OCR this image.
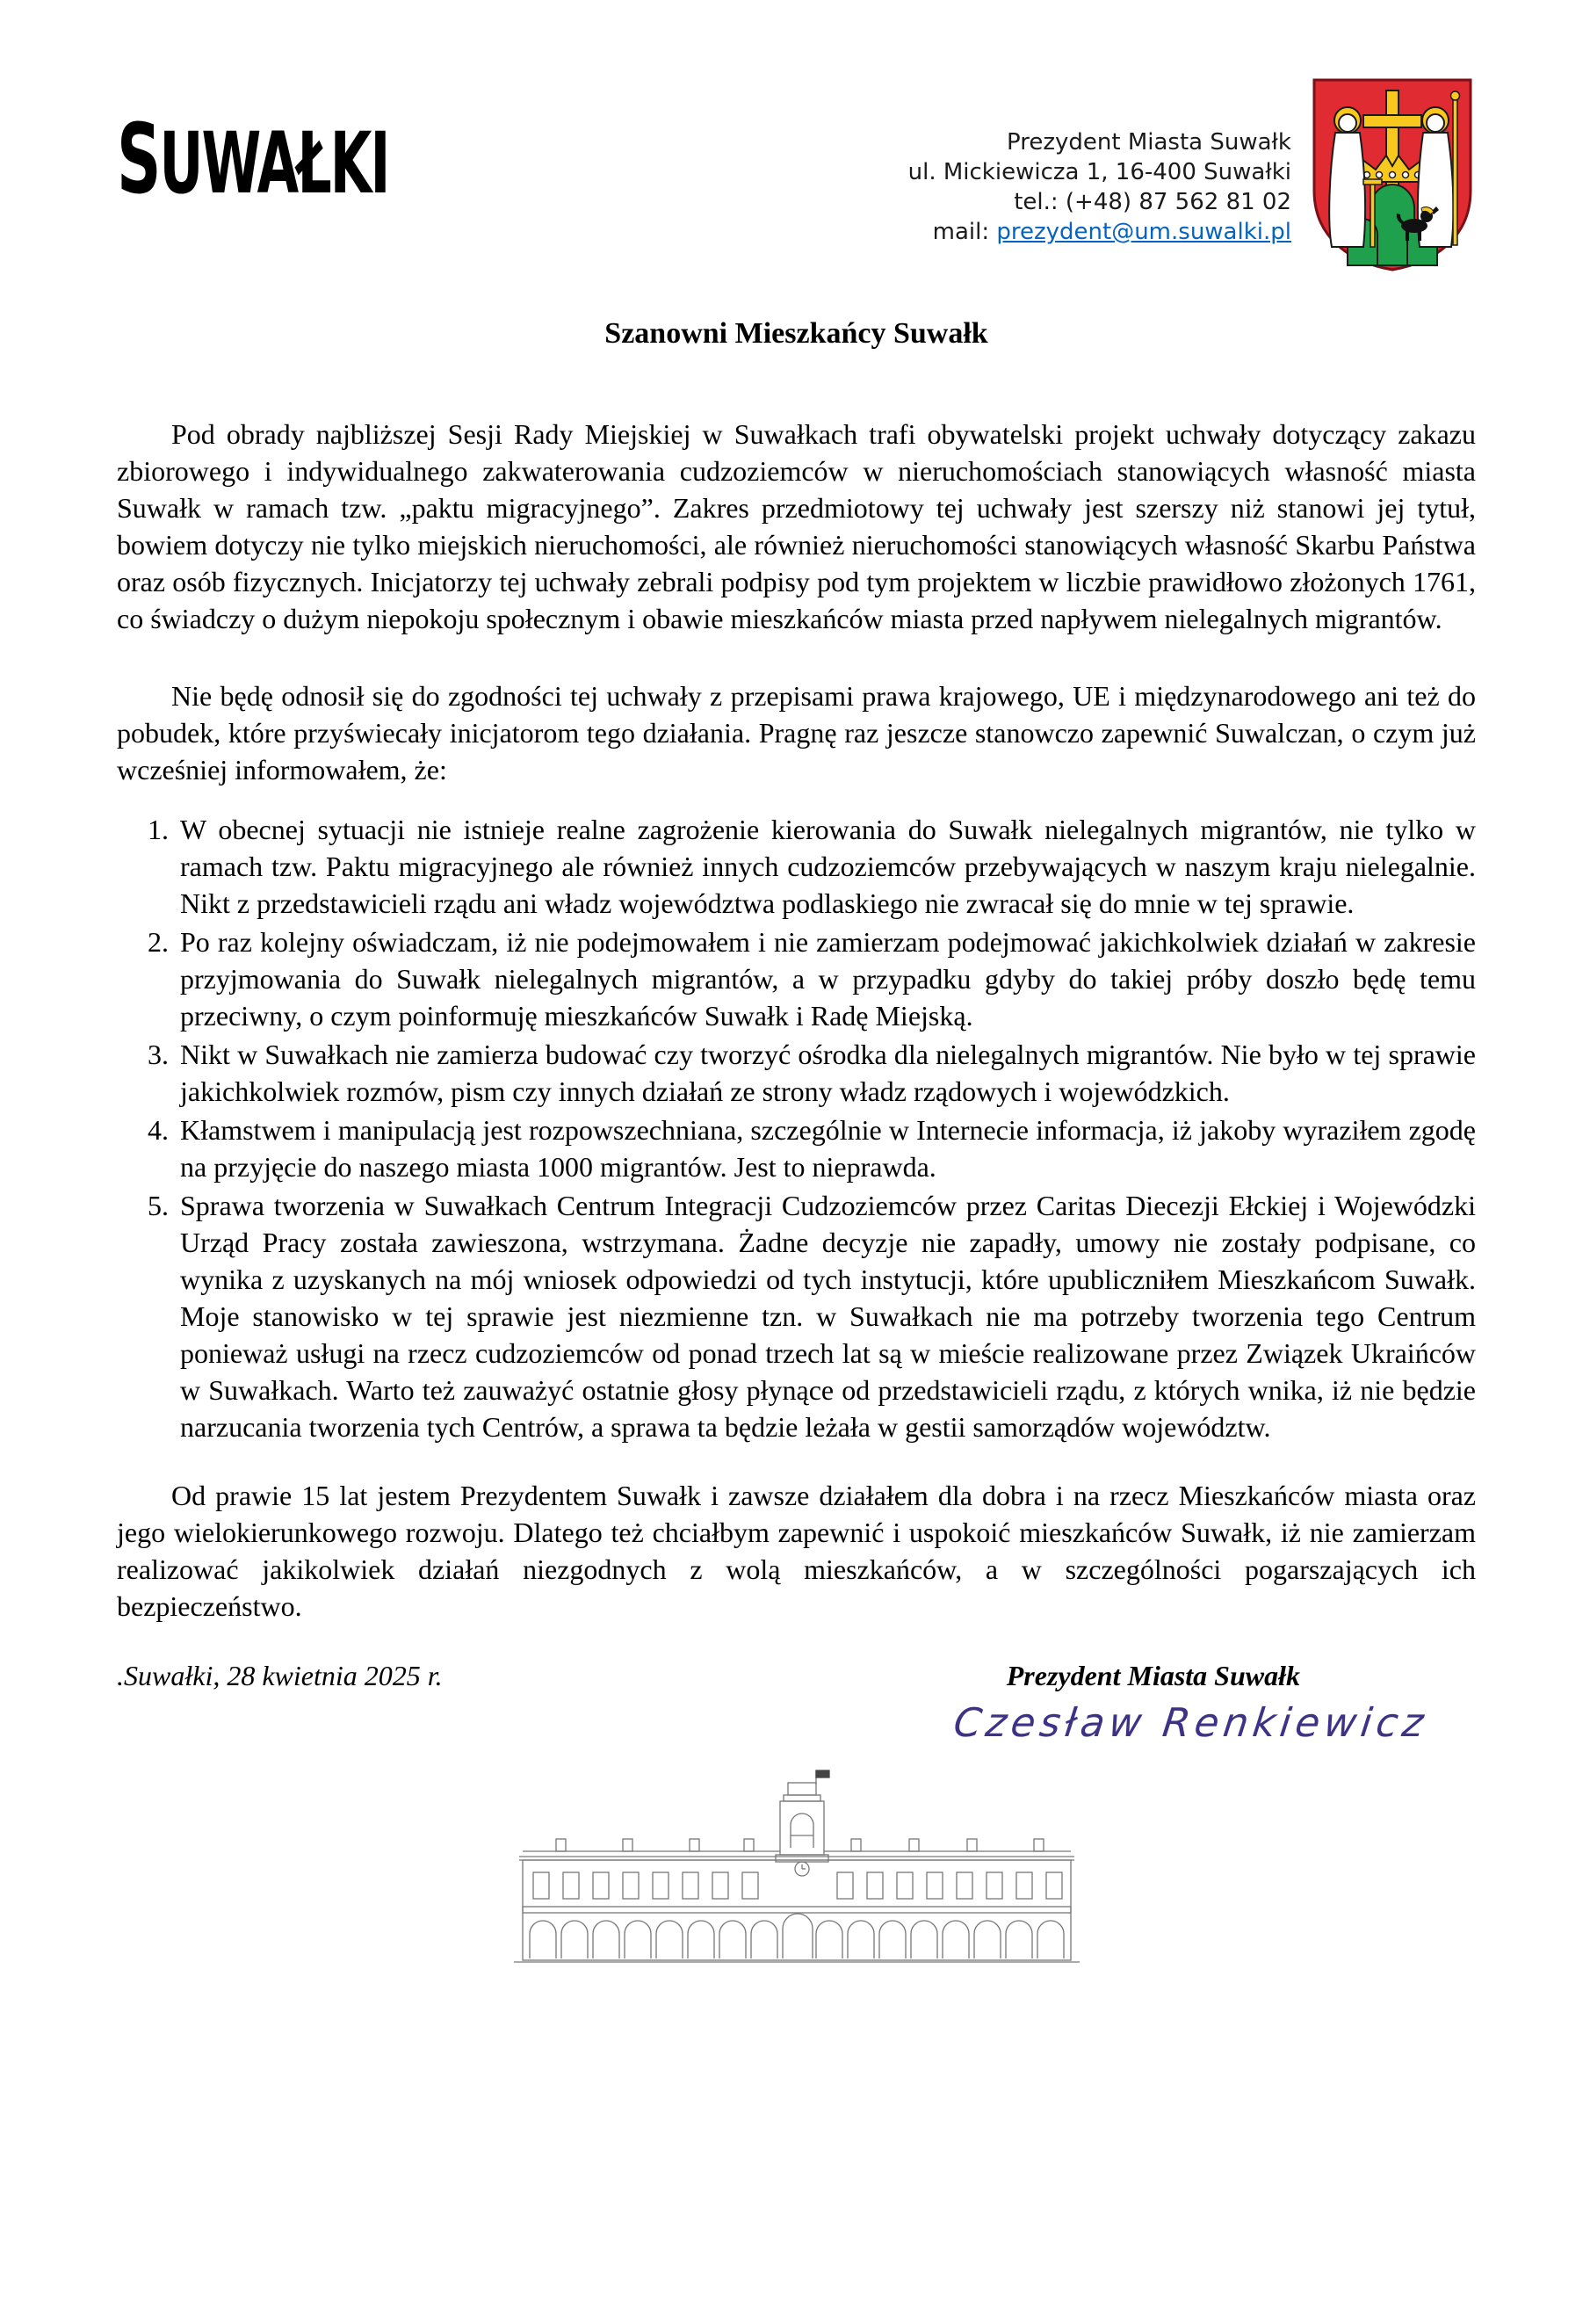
SUWAŁKI	Prezydent Miasta Suwałk
ul. Mickiewicza 1, 16-400 Suwałki
tel.: (+48) 87 562 81 02
mail: prezydent@um.suwalki.pl
Szanowni Mieszkańcy Suwałk

Pod obrady najbliższej Sesji Rady Miejskiej w Suwałkach trafi obywatelski projekt uchwały dotyczący zakazu zbiorowego i indywidualnego zakwaterowania cudzoziemców w nieruchomościach stanowiących własność miasta Suwałk w ramach tzw. „paktu migracyjnego”. Zakres przedmiotowy tej uchwały jest szerszy niż stanowi jej tytuł, bowiem dotyczy nie tylko miejskich nieruchomości, ale również nieruchomości stanowiących własność Skarbu Państwa oraz osób fizycznych. Inicjatorzy tej uchwały zebrali podpisy pod tym projektem w liczbie prawidłowo złożonych 1761, co świadczy o dużym niepokoju społecznym i obawie mieszkańców miasta przed napływem nielegalnych migrantów.

Nie będę odnosił się do zgodności tej uchwały z przepisami prawa krajowego, UE i międzynarodowego ani też do pobudek, które przyświecały inicjatorom tego działania. Pragnę raz jeszcze stanowczo zapewnić Suwalczan, o czym już wcześniej informowałem, że:

1. W obecnej sytuacji nie istnieje realne zagrożenie kierowania do Suwałk nielegalnych migrantów, nie tylko w ramach tzw. Paktu migracyjnego ale również innych cudzoziemców przebywających w naszym kraju nielegalnie. Nikt z przedstawicieli rządu ani władz województwa podlaskiego nie zwracał się do mnie w tej sprawie.
2. Po raz kolejny oświadczam, iż nie podejmowałem i nie zamierzam podejmować jakichkolwiek działań w zakresie przyjmowania do Suwałk nielegalnych migrantów, a w przypadku gdyby do takiej próby doszło będę temu przeciwny, o czym poinformuję mieszkańców Suwałk i Radę Miejską.
3. Nikt w Suwałkach nie zamierza budować czy tworzyć ośrodka dla nielegalnych migrantów. Nie było w tej sprawie jakichkolwiek rozmów, pism czy innych działań ze strony władz rządowych i wojewódzkich.
4. Kłamstwem i manipulacją jest rozpowszechniana, szczególnie w Internecie informacja, iż jakoby wyraziłem zgodę na przyjęcie do naszego miasta 1000 migrantów. Jest to nieprawda.
5. Sprawa tworzenia w Suwałkach Centrum Integracji Cudzoziemców przez Caritas Diecezji Ełckiej i Wojewódzki Urząd Pracy została zawieszona, wstrzymana. Żadne decyzje nie zapadły, umowy nie zostały podpisane, co wynika z uzyskanych na mój wniosek odpowiedzi od tych instytucji, które upubliczniłem Mieszkańcom Suwałk. Moje stanowisko w tej sprawie jest niezmienne tzn. w Suwałkach nie ma potrzeby tworzenia tego Centrum ponieważ usługi na rzecz cudzoziemców od ponad trzech lat są w mieście realizowane przez Związek Ukraińców w Suwałkach. Warto też zauważyć ostatnie głosy płynące od przedstawicieli rządu, z których wnika, iż nie będzie narzucania tworzenia tych Centrów, a sprawa ta będzie leżała w gestii samorządów województw.

Od prawie 15 lat jestem Prezydentem Suwałk i zawsze działałem dla dobra i na rzecz Mieszkańców miasta oraz jego wielokierunkowego rozwoju. Dlatego też chciałbym zapewnić i uspokoić mieszkańców Suwałk, iż nie zamierzam realizować jakikolwiek działań niezgodnych z wolą mieszkańców, a w szczególności pogarszających ich bezpieczeństwo.

.Suwałki, 28 kwietnia 2025 r.	Prezydent Miasta Suwałk
Czesław Renkiewicz
